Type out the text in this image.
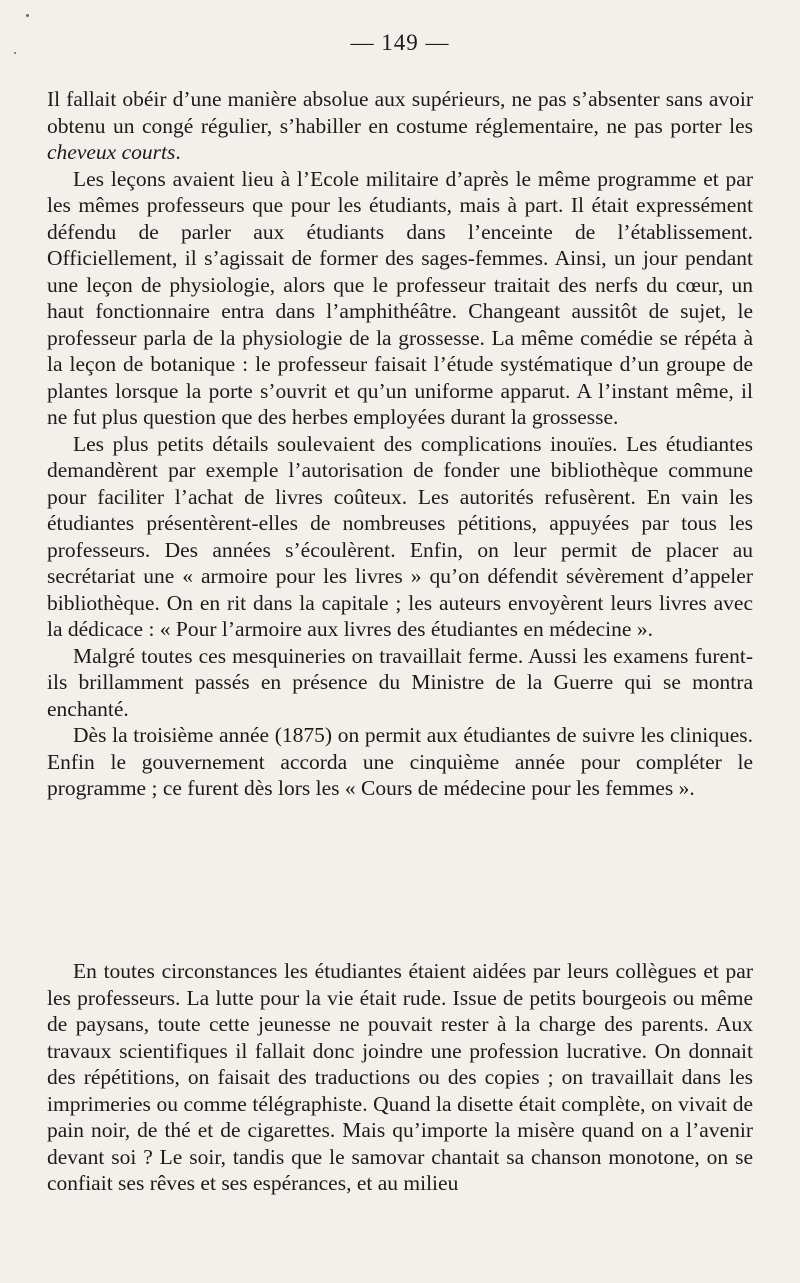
— 149 —

Il fallait obéir d’une manière absolue aux supérieurs, ne pas s’absenter sans avoir obtenu un congé régulier, s’habiller en costume réglementaire, ne pas porter les cheveux courts.

Les leçons avaient lieu à l’Ecole militaire d’après le même programme et par les mêmes professeurs que pour les étudiants, mais à part. Il était expressément défendu de parler aux étudiants dans l’enceinte de l’établissement. Officiellement, il s’agissait de former des sages-femmes. Ainsi, un jour pendant une leçon de physiologie, alors que le professeur traitait des nerfs du cœur, un haut fonctionnaire entra dans l’amphithéâtre. Changeant aussitôt de sujet, le professeur parla de la physiologie de la grossesse. La même comédie se répéta à la leçon de botanique : le professeur faisait l’étude systématique d’un groupe de plantes lorsque la porte s’ouvrit et qu’un uniforme apparut. A l’instant même, il ne fut plus question que des herbes employées durant la grossesse.

Les plus petits détails soulevaient des complications inouïes. Les étudiantes demandèrent par exemple l’autorisation de fonder une bibliothèque commune pour faciliter l’achat de livres coûteux. Les autorités refusèrent. En vain les étudiantes présentèrent-elles de nombreuses pétitions, appuyées par tous les professeurs. Des années s’écoulèrent. Enfin, on leur permit de placer au secrétariat une « armoire pour les livres » qu’on défendit sévèrement d’appeler bibliothèque. On en rit dans la capitale ; les auteurs envoyèrent leurs livres avec la dédicace : « Pour l’armoire aux livres des étudiantes en médecine ».

Malgré toutes ces mesquineries on travaillait ferme. Aussi les examens furent-ils brillamment passés en présence du Ministre de la Guerre qui se montra enchanté.

Dès la troisième année (1875) on permit aux étudiantes de suivre les cliniques. Enfin le gouvernement accorda une cinquième année pour compléter le programme ; ce furent dès lors les « Cours de médecine pour les femmes ».

En toutes circonstances les étudiantes étaient aidées par leurs collègues et par les professeurs. La lutte pour la vie était rude. Issue de petits bourgeois ou même de paysans, toute cette jeunesse ne pouvait rester à la charge des parents. Aux travaux scientifiques il fallait donc joindre une profession lucrative. On donnait des répétitions, on faisait des traductions ou des copies ; on travaillait dans les imprimeries ou comme télégraphiste. Quand la disette était complète, on vivait de pain noir, de thé et de cigarettes. Mais qu’importe la misère quand on a l’avenir devant soi ? Le soir, tandis que le samovar chantait sa chanson monotone, on se confiait ses rêves et ses espérances, et au milieu
